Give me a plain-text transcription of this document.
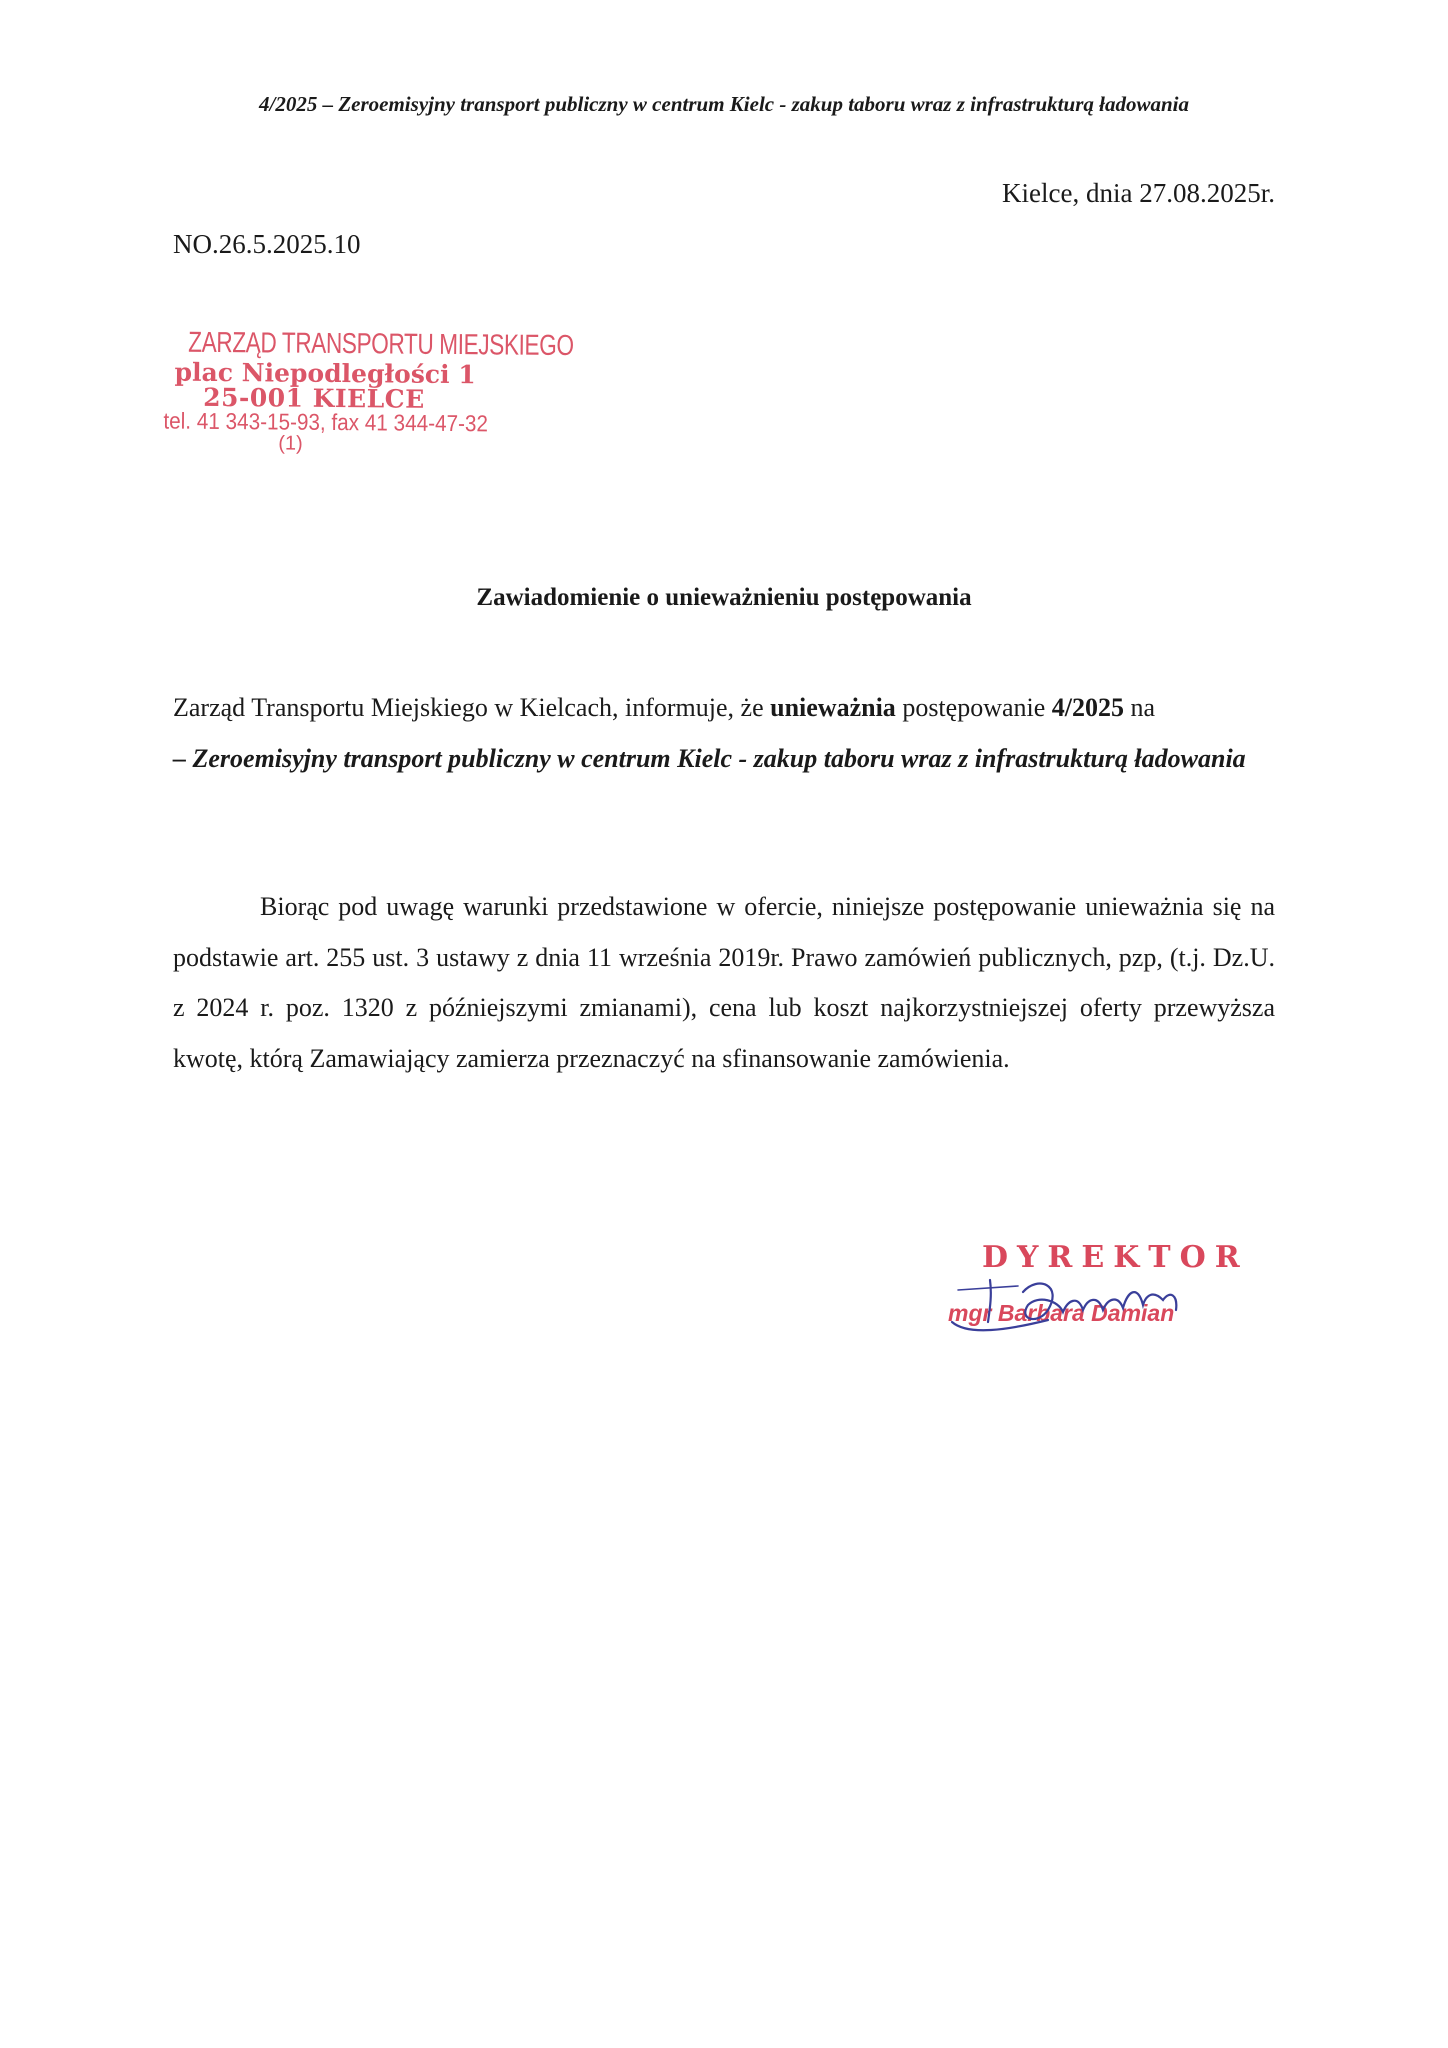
4/2025 – Zeroemisyjny transport publiczny w centrum Kielc - zakup taboru wraz z infrastrukturą ładowania
Kielce, dnia 27.08.2025r.
NO.26.5.2025.10
ZARZĄD TRANSPORTU MIEJSKIEGO
plac Niepodległości 1
25-001 KIELCE
tel. 41 343-15-93, fax 41 344-47-32
(1)
Zawiadomienie o unieważnieniu postępowania
Zarząd Transportu Miejskiego w Kielcach, informuje, że unieważnia postępowanie 4/2025 na
– Zeroemisyjny transport publiczny w centrum Kielc - zakup taboru wraz z infrastrukturą ładowania
Biorąc pod uwagę warunki przedstawione w ofercie, niniejsze postępowanie unieważnia się na podstawie art. 255 ust. 3 ustawy z dnia 11 września 2019r. Prawo zamówień publicznych, pzp, (t.j. Dz.U. z 2024 r. poz. 1320 z późniejszymi zmianami), cena lub koszt najkorzystniejszej oferty przewyższa kwotę, którą Zamawiający zamierza przeznaczyć na sfinansowanie zamówienia.
DYREKTOR
mgr Barbara Damian
